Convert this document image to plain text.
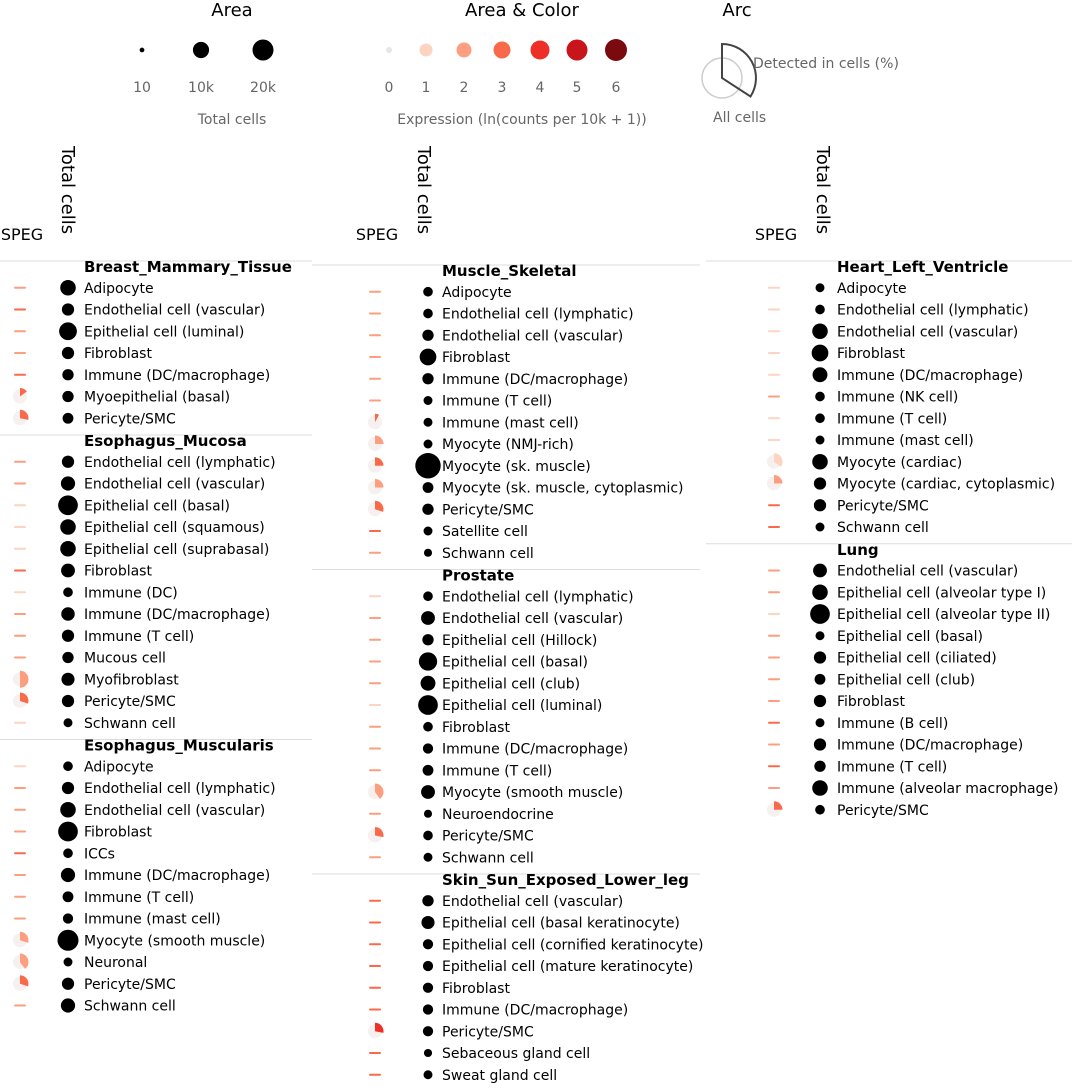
Area
10	10k	20k
Total cells
Area & Color
0 1 2 3 4 5 6
Expression (ln(counts per 10k + 1))
Arc
Detected in cells (%)
All cells
SPEG
Total cells
Breast_Mammary_Tissue
Adipocyte
Endothelial cell (vascular)
Epithelial cell (luminal)
Fibroblast
Immune (DC/macrophage)
Myoepithelial (basal)
Pericyte/SMC
Esophagus_Mucosa
Endothelial cell (lymphatic)
Endothelial cell (vascular)
Epithelial cell (basal)
Epithelial cell (squamous)
Epithelial cell (suprabasal)
Fibroblast
Immune (DC)
Immune (DC/macrophage)
Immune (T cell)
Mucous cell
Myofibroblast
Pericyte/SMC
Schwann cell
Esophagus_Muscularis
Adipocyte
Endothelial cell (lymphatic)
Endothelial cell (vascular)
Fibroblast
ICCs
Immune (DC/macrophage)
Immune (T cell)
Immune (mast cell)
Myocyte (smooth muscle)
Neuronal
Pericyte/SMC
Schwann cell
SPEG
Total cells
Muscle_Skeletal
Adipocyte
Endothelial cell (lymphatic)
Endothelial cell (vascular)
Fibroblast
Immune (DC/macrophage)
Immune (T cell)
Immune (mast cell)
Myocyte (NMJ-rich)
Myocyte (sk. muscle)
Myocyte (sk. muscle, cytoplasmic)
Pericyte/SMC
Satellite cell
Schwann cell
Prostate
Endothelial cell (lymphatic)
Endothelial cell (vascular)
Epithelial cell (Hillock)
Epithelial cell (basal)
Epithelial cell (club)
Epithelial cell (luminal)
Fibroblast
Immune (DC/macrophage)
Immune (T cell)
Myocyte (smooth muscle)
Neuroendocrine
Pericyte/SMC
Schwann cell
Skin_Sun_Exposed_Lower_leg
Endothelial cell (vascular)
Epithelial cell (basal keratinocyte)
Epithelial cell (cornified keratinocyte)
Epithelial cell (mature keratinocyte)
Fibroblast
Immune (DC/macrophage)
Pericyte/SMC
Sebaceous gland cell
Sweat gland cell
SPEG
Total cells
Heart_Left_Ventricle
Adipocyte
Endothelial cell (lymphatic)
Endothelial cell (vascular)
Fibroblast
Immune (DC/macrophage)
Immune (NK cell)
Immune (T cell)
Immune (mast cell)
Myocyte (cardiac)
Myocyte (cardiac, cytoplasmic)
Pericyte/SMC
Schwann cell
Lung
Endothelial cell (vascular)
Epithelial cell (alveolar type I)
Epithelial cell (alveolar type II)
Epithelial cell (basal)
Epithelial cell (ciliated)
Epithelial cell (club)
Fibroblast
Immune (B cell)
Immune (DC/macrophage)
Immune (T cell)
Immune (alveolar macrophage)
Pericyte/SMC
